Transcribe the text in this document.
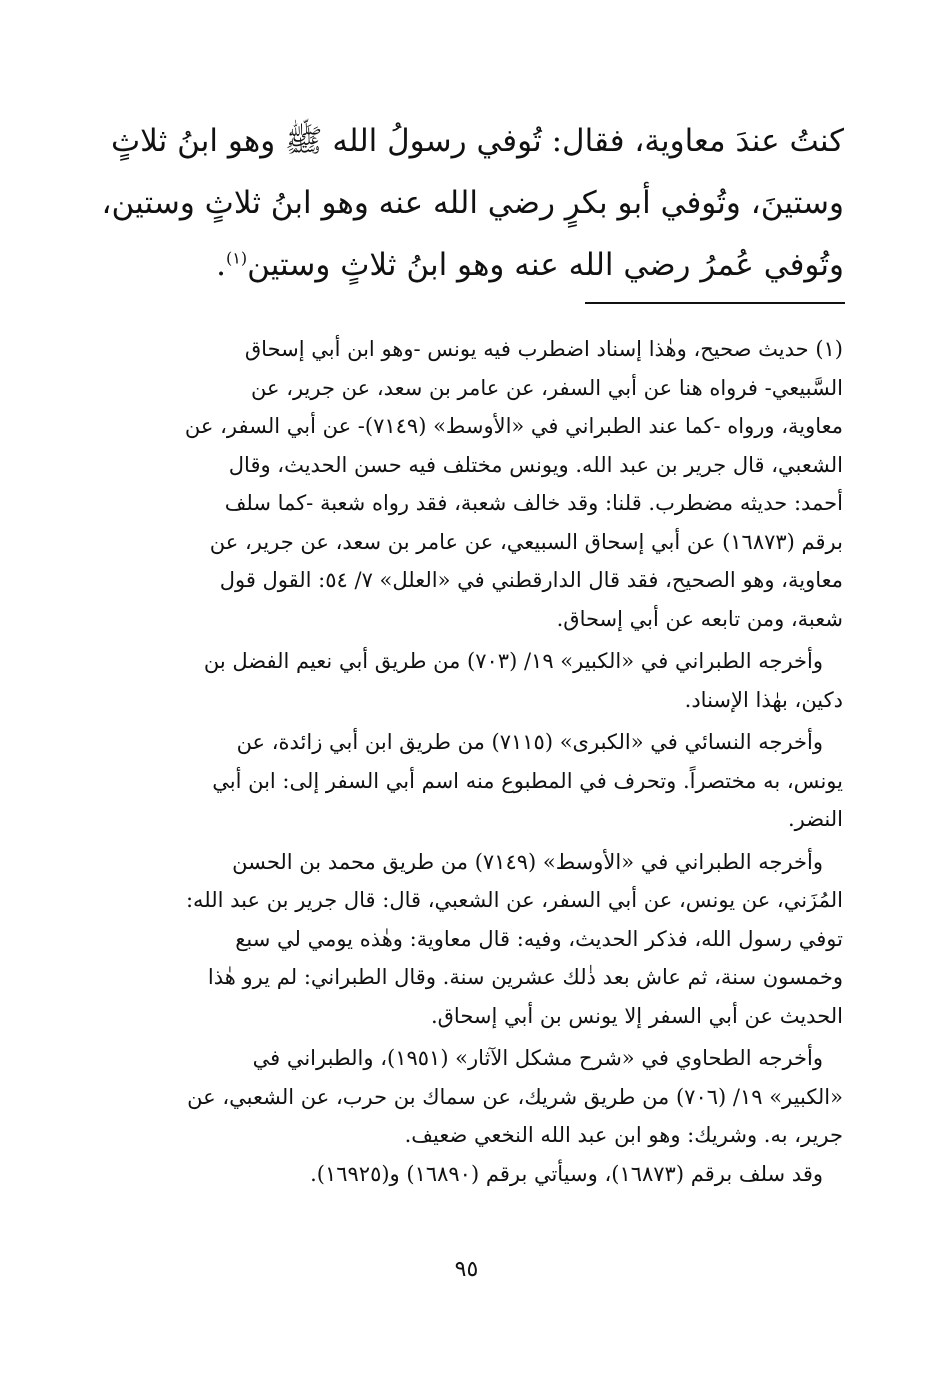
كنتُ عندَ معاوية، فقال: تُوفي رسولُ الله ﷺ وهو ابنُ ثلاثٍ
وستينَ، وتُوفي أبو بكرٍ رضي الله عنه وهو ابنُ ثلاثٍ وستين،
وتُوفي عُمرُ رضي الله عنه وهو ابنُ ثلاثٍ وستين$^{(١)}$.
(١) حديث صحيح، وهٰذا إسناد اضطرب فيه يونس -وهو ابن أبي إسحاق
السَّبيعي- فرواه هنا عن أبي السفر، عن عامر بن سعد، عن جرير، عن
معاوية، ورواه -كما عند الطبراني في «الأوسط» (٧١٤٩)- عن أبي السفر، عن
الشعبي، قال جرير بن عبد الله. ويونس مختلف فيه حسن الحديث، وقال
أحمد: حديثه مضطرب. قلنا: وقد خالف شعبة، فقد رواه شعبة -كما سلف
برقم (١٦٨٧٣) عن أبي إسحاق السبيعي، عن عامر بن سعد، عن جرير، عن
معاوية، وهو الصحيح، فقد قال الدارقطني في «العلل» ٧/ ٥٤: القول قول
شعبة، ومن تابعه عن أبي إسحاق.
وأخرجه الطبراني في «الكبير» ١٩/ (٧٠٣) من طريق أبي نعيم الفضل بن
دكين، بهٰذا الإسناد.
وأخرجه النسائي في «الكبرى» (٧١١٥) من طريق ابن أبي زائدة، عن
يونس، به مختصراً. وتحرف في المطبوع منه اسم أبي السفر إلى: ابن أبي
النضر.
وأخرجه الطبراني في «الأوسط» (٧١٤٩) من طريق محمد بن الحسن
المُزَني، عن يونس، عن أبي السفر، عن الشعبي، قال: قال جرير بن عبد الله:
توفي رسول الله، فذكر الحديث، وفيه: قال معاوية: وهٰذه يومي لي سبع
وخمسون سنة، ثم عاش بعد ذٰلك عشرين سنة. وقال الطبراني: لم يرو هٰذا
الحديث عن أبي السفر إلا يونس بن أبي إسحاق.
وأخرجه الطحاوي في «شرح مشكل الآثار» (١٩٥١)، والطبراني في
«الكبير» ١٩/ (٧٠٦) من طريق شريك، عن سماك بن حرب، عن الشعبي، عن
جرير، به. وشريك: وهو ابن عبد الله النخعي ضعيف.
وقد سلف برقم (١٦٨٧٣)، وسيأتي برقم (١٦٨٩٠) و(١٦٩٢٥).
٩٥
